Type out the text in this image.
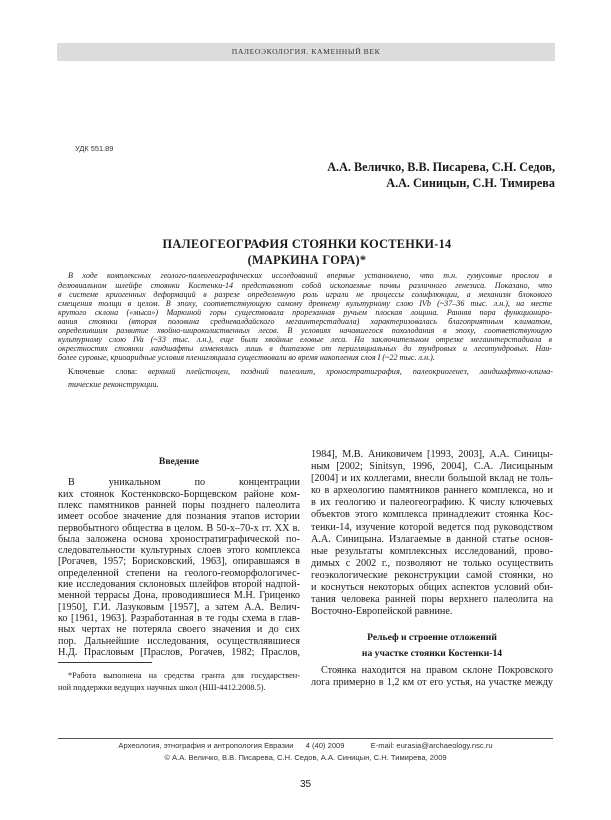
ПАЛЕОЭКОЛОГИЯ. КАМЕННЫЙ ВЕК
УДК 551.89
А.А. Величко, В.В. Писарева, С.Н. Седов,
А.А. Синицын, С.Н. Тимирева
ПАЛЕОГЕОГРАФИЯ СТОЯНКИ КОСТЕНКИ-14
(МАРКИНА ГОРА)*
В ходе комплексных геолого-палеогеографических исследований впервые установлено, что т.н. гумусовые прослои в
делювиальном шлейфе стоянки Костенки-14 представляют собой ископаемые почвы различного генезиса. Показано, что
в системе криогенных деформаций в разрезе определенную роль играли не процессы солифлюкции, а механизм блокового
смещения толщи в целом. В эпоху, соответствующую самому древнему культурному слою IVb (~37–36 тыс. л.н.), на месте
крутого склона («мыса») Маркиной горы существовала прорезанная ручьем плоская лощина. Ранняя пора функциониро-
вания стоянки (вторая половина средневалдайского мегаинтерстадиала) характеризовалась благоприятным климатом,
определившим развитие хвойно-широколиственных лесов. В условиях начавшегося похолодания в эпоху, соответствующую
культурному слою IVa (~33 тыс. л.н.), еще были хвойные еловые леса. На заключительном отрезке мегаинтерстадиала в
окрестностях стоянки ландшафты изменялись лишь в диапазоне от перигляциальных до тундровых и лесотундровых. Наи-
более суровые, криоаридные условия пленигляциала существовали во время накопления слоя I (~22 тыс. л.н.).
Ключевые слова: верхний плейстоцен, поздний палеолит, хроностратиграфия, палеокриогенез, ландшафтно-клима-
тические реконструкции.
Введение
В уникальном по концентрации
ких стоянок Костенковско-Борщевском районе ком-
плекс памятников ранней поры позднего палеолита
имеет особое значение для познания этапов истории
первобытного общества в целом. В 50-х–70-х гг. XX в.
была заложена основа хроностратиграфической по-
следовательности культурных слоев этого комплекса
[Рогачев, 1957; Борисковский, 1963], опиравшаяся в
определенной степени на геолого-геоморфологичес-
кие исследования склоновых шлейфов второй надпой-
менной террасы Дона, проводившиеся М.Н. Гриценко
[1950], Г.И. Лазуковым [1957], а затем А.А. Велич-
ко [1961, 1963]. Разработанная в те годы схема в глав-
ных чертах не потеряла своего значения и до сих
пор. Дальнейшие исследования, осуществлявшиеся
Н.Д. Праслoвым [Праслов, Рогачев, 1982; Праслов,
1984], М.В. Аниковичем [1993, 2003], А.А. Синицы-
ным [2002; Sinitsyn, 1996, 2004], С.А. Лисицыным
[2004] и их коллегами, внесли большой вклад не толь-
ко в археологию памятников раннего комплекса, но и
в их геологию и палеогеографию. К числу ключевых
объектов этого комплекса принадлежит стоянка Кос-
тенки-14, изучение которой ведется под руководством
А.А. Синицына. Излагаемые в данной статье основ-
ные результаты комплексных исследований, прово-
димых с 2002 г., позволяют не только осуществить
геоэкологические реконструкции самой стоянки, но
и коснуться некоторых общих аспектов условий оби-
тания человека ранней поры верхнего палеолита на
Восточно-Европейской равнине.
Рельеф и строение отложений
на участке стоянки Костенки-14
Стоянка находится на правом склоне Покровского
лога примерно в 1,2 км от его устья, на участке между
*Работа выполнена на средства гранта для государствен-
ной поддержки ведущих научных школ (НШ-4412.2008.5).
Археология, этнография и антропология Евразии 4 (40) 2009	E-mail: eurasia@archaeology.nsc.ru
© А.А. Величко, В.В. Писарева, С.Н. Седов, А.А. Синицын, С.Н. Тимирева, 2009
35
